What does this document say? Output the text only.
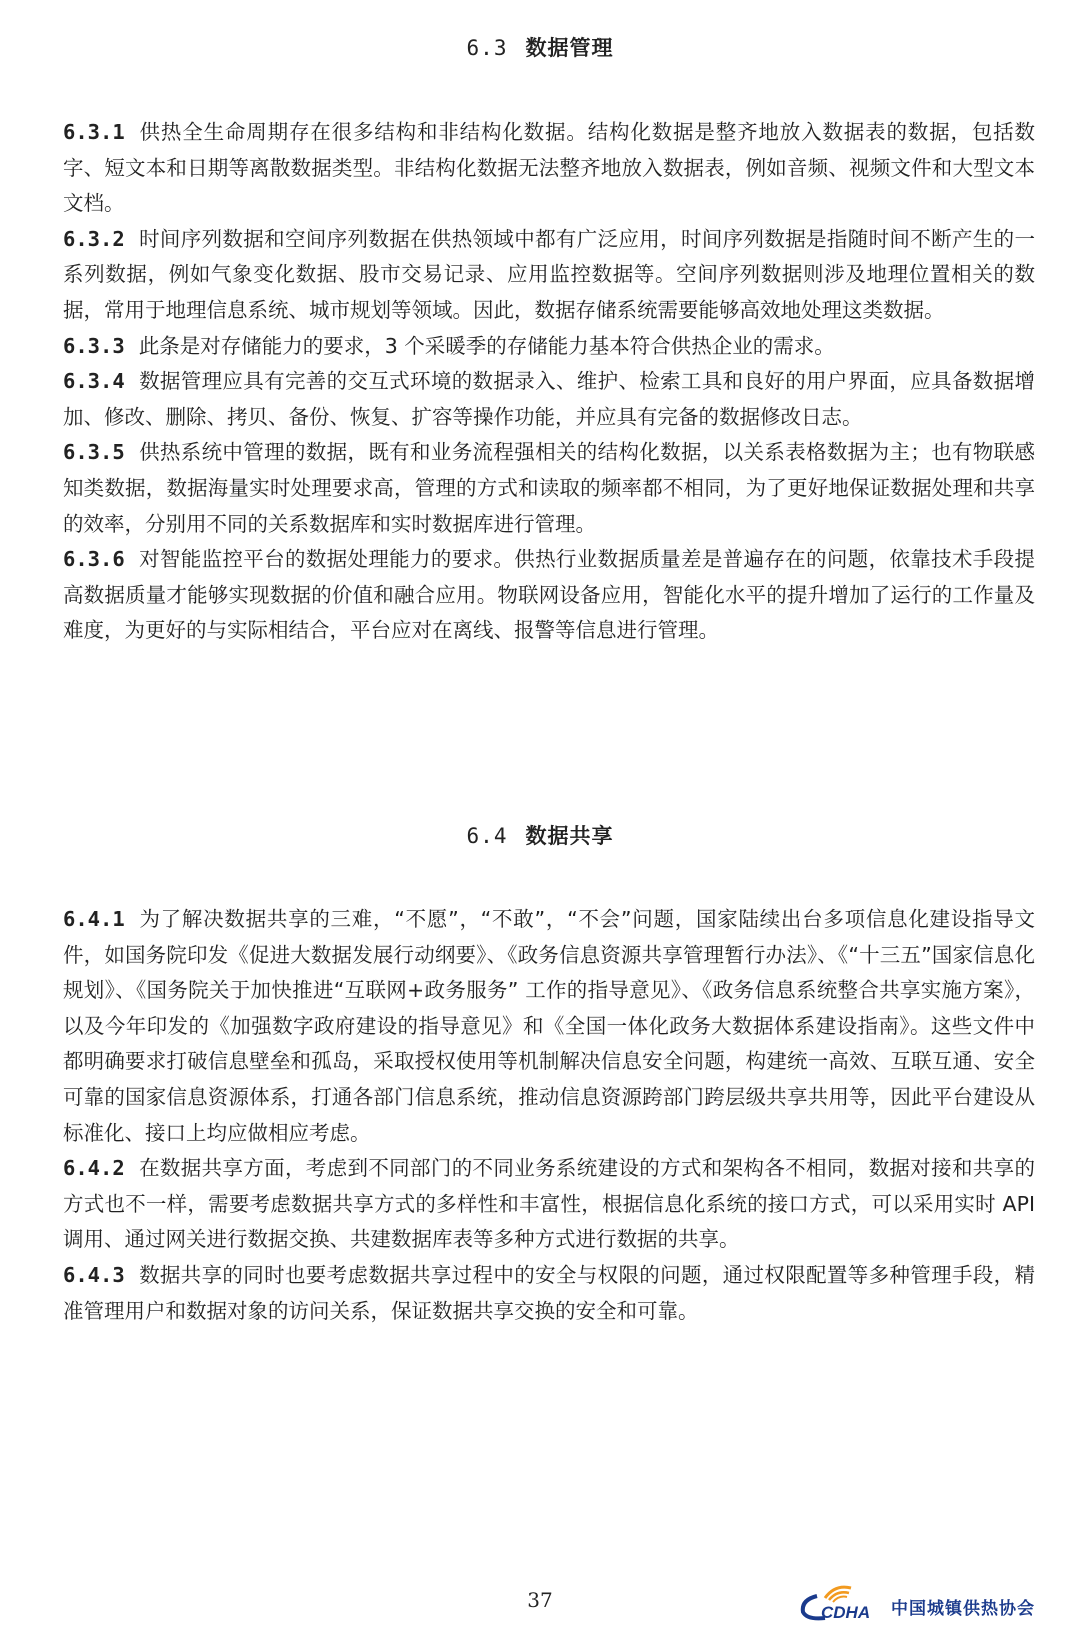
6.3 数据管理

6.3.1 供热全生命周期存在很多结构和非结构化数据。结构化数据是整齐地放入数据表的数据，包括数字、短文本和日期等离散数据类型。非结构化数据无法整齐地放入数据表，例如音频、视频文件和大型文本文档。

6.3.2 时间序列数据和空间序列数据在供热领域中都有广泛应用，时间序列数据是指随时间不断产生的一系列数据，例如气象变化数据、股市交易记录、应用监控数据等。空间序列数据则涉及地理位置相关的数据，常用于地理信息系统、城市规划等领域。因此，数据存储系统需要能够高效地处理这类数据。

6.3.3 此条是对存储能力的要求，3 个采暖季的存储能力基本符合供热企业的需求。

6.3.4 数据管理应具有完善的交互式环境的数据录入、维护、检索工具和良好的用户界面，应具备数据增加、修改、删除、拷贝、备份、恢复、扩容等操作功能，并应具有完备的数据修改日志。

6.3.5 供热系统中管理的数据，既有和业务流程强相关的结构化数据，以关系表格数据为主；也有物联感知类数据，数据海量实时处理要求高，管理的方式和读取的频率都不相同，为了更好地保证数据处理和共享的效率，分别用不同的关系数据库和实时数据库进行管理。

6.3.6 对智能监控平台的数据处理能力的要求。供热行业数据质量差是普遍存在的问题，依靠技术手段提高数据质量才能够实现数据的价值和融合应用。物联网设备应用，智能化水平的提升增加了运行的工作量及难度，为更好的与实际相结合，平台应对在离线、报警等信息进行管理。

6.4 数据共享

6.4.1 为了解决数据共享的三难，“不愿”，“不敢”，“不会”问题，国家陆续出台多项信息化建设指导文件，如国务院印发《促进大数据发展行动纲要》、《政务信息资源共享管理暂行办法》、《“十三五”国家信息化规划》、《国务院关于加快推进“互联网+政务服务” 工作的指导意见》、《政务信息系统整合共享实施方案》，以及今年印发的《加强数字政府建设的指导意见》和《全国一体化政务大数据体系建设指南》。这些文件中都明确要求打破信息壁垒和孤岛，采取授权使用等机制解决信息安全问题，构建统一高效、互联互通、安全可靠的国家信息资源体系，打通各部门信息系统，推动信息资源跨部门跨层级共享共用等，因此平台建设从标准化、接口上均应做相应考虑。

6.4.2 在数据共享方面，考虑到不同部门的不同业务系统建设的方式和架构各不相同，数据对接和共享的方式也不一样，需要考虑数据共享方式的多样性和丰富性，根据信息化系统的接口方式，可以采用实时 API 调用、通过网关进行数据交换、共建数据库表等多种方式进行数据的共享。

6.4.3 数据共享的同时也要考虑数据共享过程中的安全与权限的问题，通过权限配置等多种管理手段，精准管理用户和数据对象的访问关系，保证数据共享交换的安全和可靠。

37
CDHA 中国城镇供热协会
